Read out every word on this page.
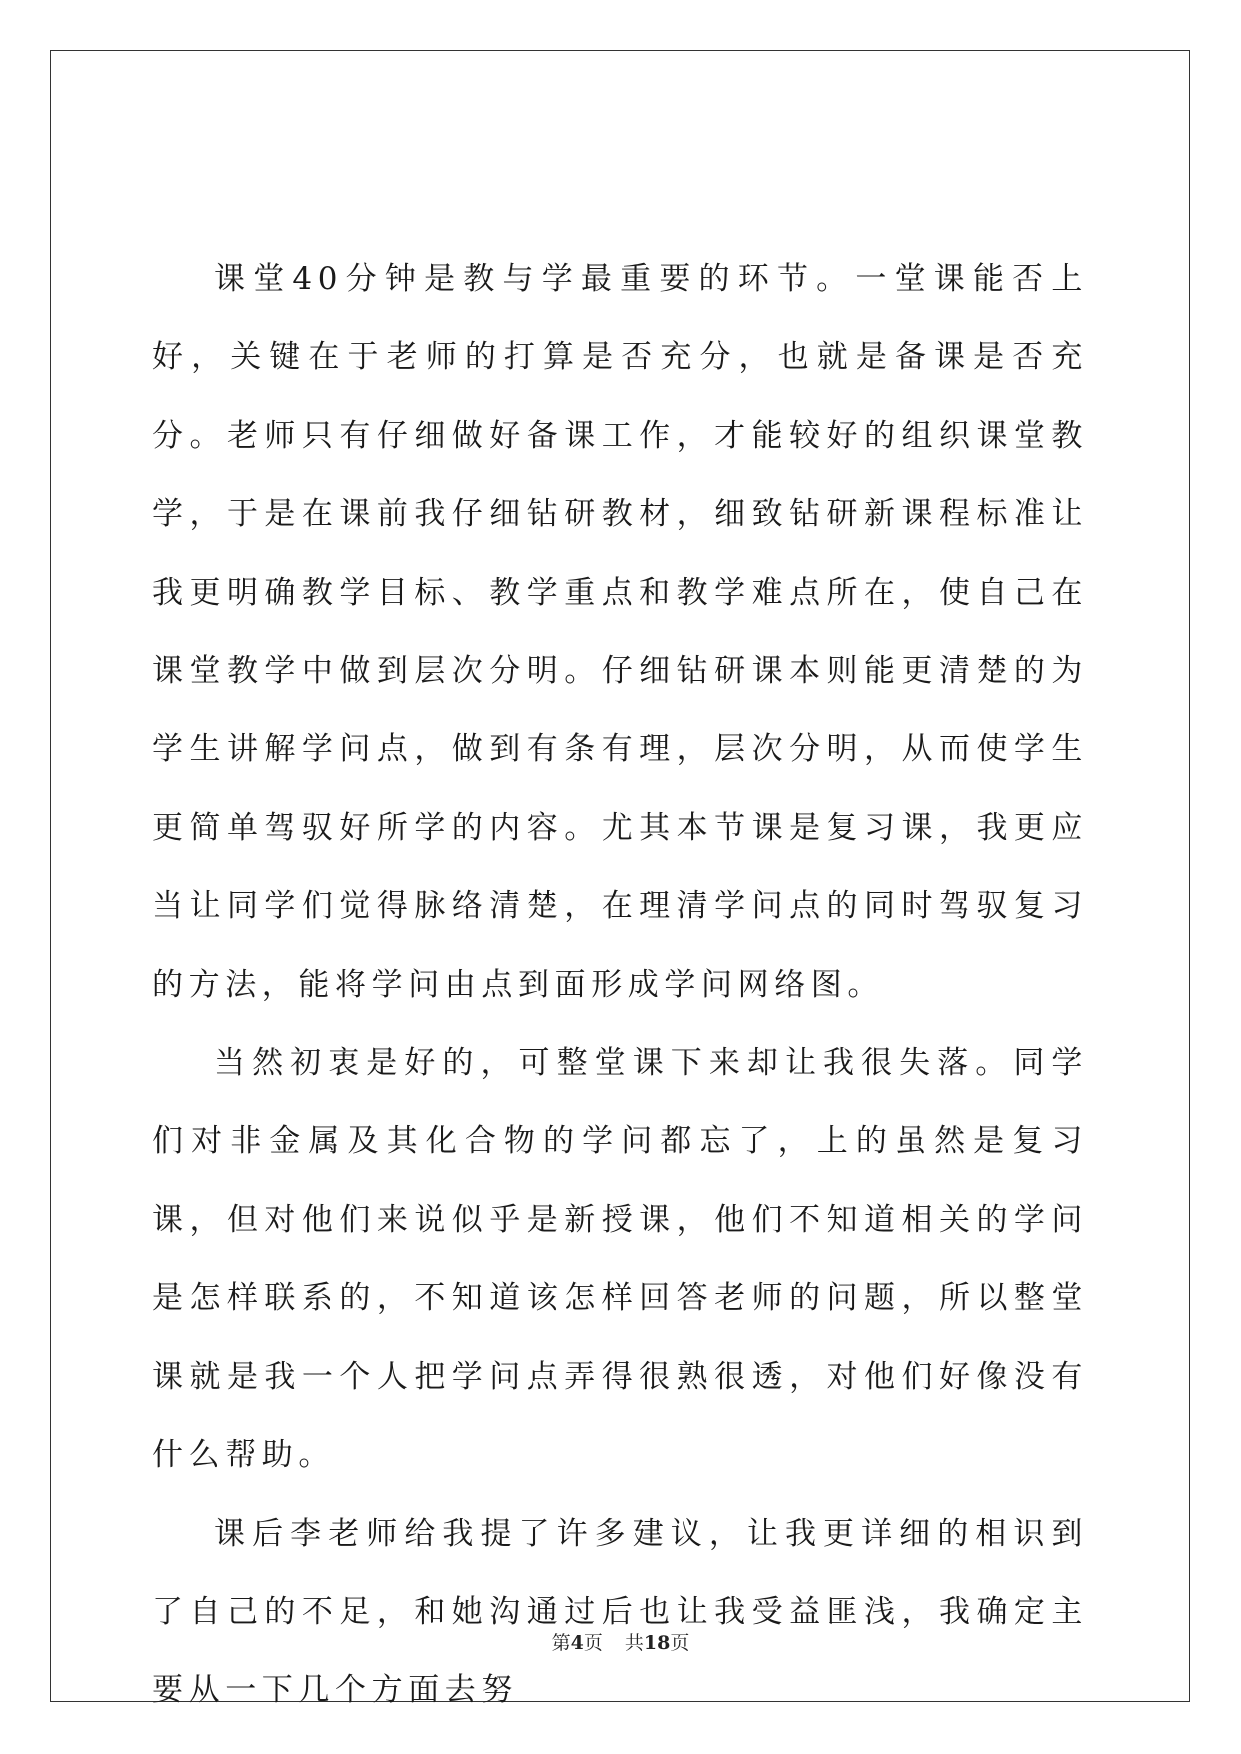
课堂40分钟是教与学最重要的环节。一堂课能否上好，关键在于老师的打算是否充分，也就是备课是否充分。老师只有仔细做好备课工作，才能较好的组织课堂教学，于是在课前我仔细钻研教材，细致钻研新课程标准让我更明确教学目标、教学重点和教学难点所在，使自己在课堂教学中做到层次分明。仔细钻研课本则能更清楚的为学生讲解学问点，做到有条有理，层次分明，从而使学生更简单驾驭好所学的内容。尤其本节课是复习课，我更应当让同学们觉得脉络清楚，在理清学问点的同时驾驭复习的方法，能将学问由点到面形成学问网络图。

当然初衷是好的，可整堂课下来却让我很失落。同学们对非金属及其化合物的学问都忘了，上的虽然是复习课，但对他们来说似乎是新授课，他们不知道相关的学问是怎样联系的，不知道该怎样回答老师的问题，所以整堂课就是我一个人把学问点弄得很熟很透，对他们好像没有什么帮助。

课后李老师给我提了许多建议，让我更详细的相识到了自己的不足，和她沟通过后也让我受益匪浅，我确定主要从一下几个方面去努

第4页 共18页
